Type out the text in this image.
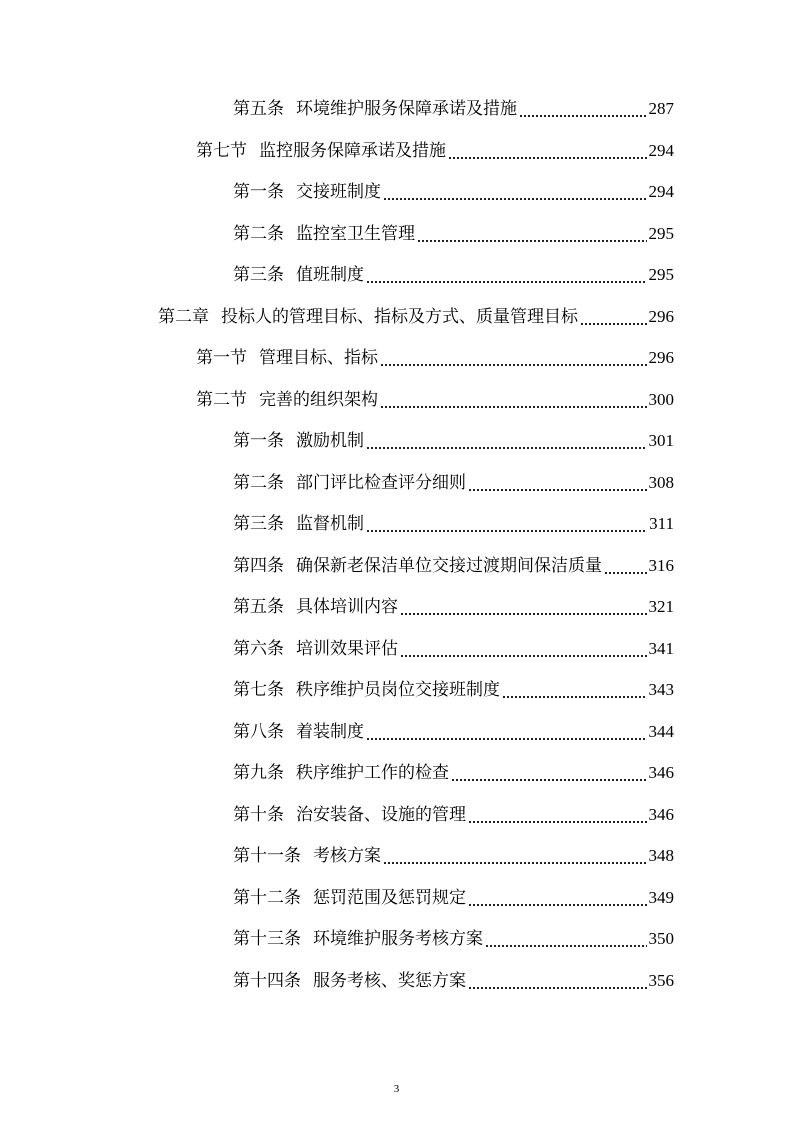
第五条 环境维护服务保障承诺及措施	287
第七节 监控服务保障承诺及措施	294
第一条 交接班制度	294
第二条 监控室卫生管理	295
第三条 值班制度	295
第二章 投标人的管理目标、指标及方式、质量管理目标	296
第一节 管理目标、指标	296
第二节 完善的组织架构	300
第一条 激励机制	301
第二条 部门评比检查评分细则	308
第三条 监督机制	311
第四条 确保新老保洁单位交接过渡期间保洁质量	316
第五条 具体培训内容	321
第六条 培训效果评估	341
第七条 秩序维护员岗位交接班制度	343
第八条 着装制度	344
第九条 秩序维护工作的检查	346
第十条 治安装备、设施的管理	346
第十一条 考核方案	348
第十二条 惩罚范围及惩罚规定	349
第十三条 环境维护服务考核方案	350
第十四条 服务考核、奖惩方案	356
3
